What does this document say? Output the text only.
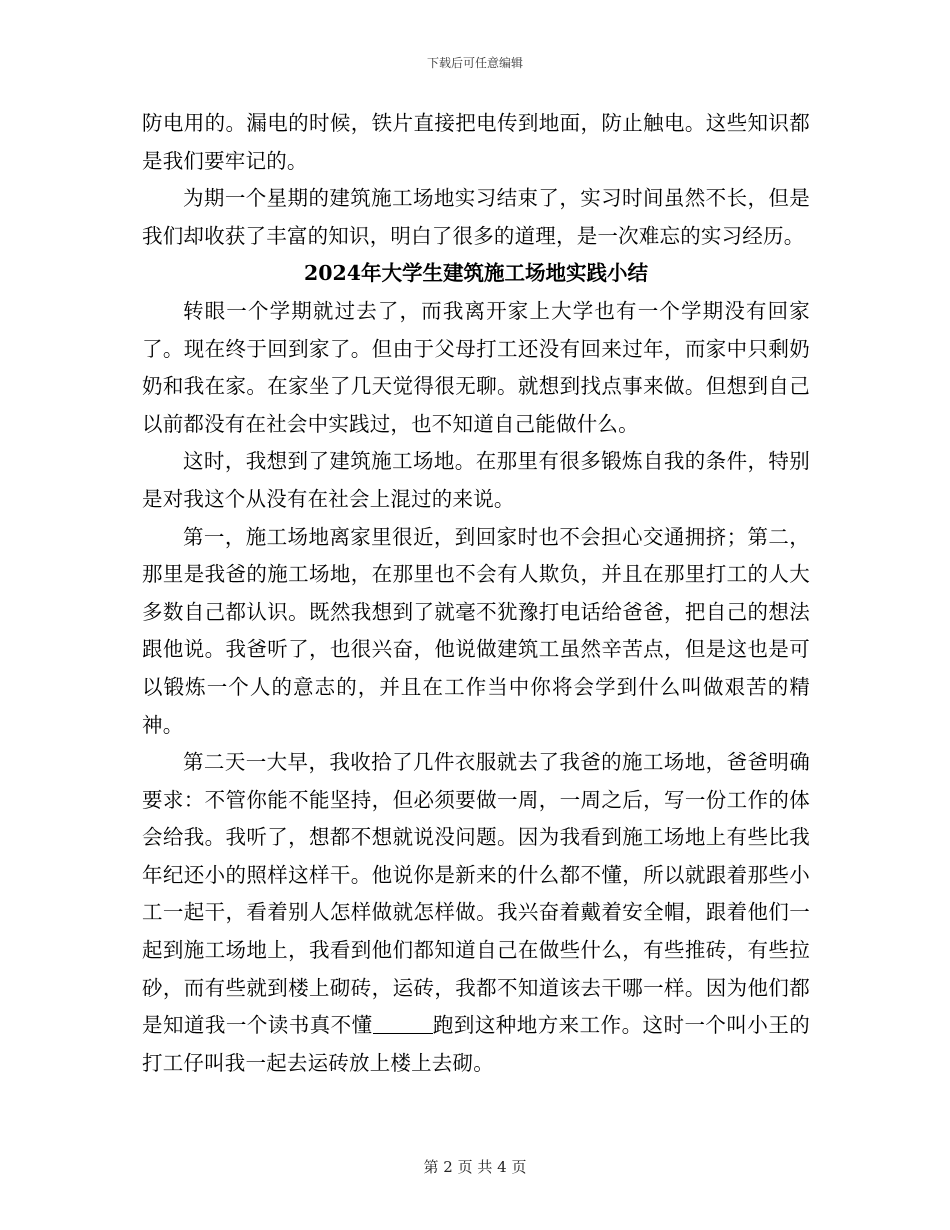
下载后可任意编辑

防电用的。漏电的时候，铁片直接把电传到地面，防止触电。这些知识都是我们要牢记的。

为期一个星期的建筑施工场地实习结束了，实习时间虽然不长，但是我们却收获了丰富的知识，明白了很多的道理，是一次难忘的实习经历。

2024年大学生建筑施工场地实践小结

转眼一个学期就过去了，而我离开家上大学也有一个学期没有回家了。现在终于回到家了。但由于父母打工还没有回来过年，而家中只剩奶奶和我在家。在家坐了几天觉得很无聊。就想到找点事来做。但想到自己以前都没有在社会中实践过，也不知道自己能做什么。

这时，我想到了建筑施工场地。在那里有很多锻炼自我的条件，特别是对我这个从没有在社会上混过的来说。

第一，施工场地离家里很近，到回家时也不会担心交通拥挤；第二，那里是我爸的施工场地，在那里也不会有人欺负，并且在那里打工的人大多数自己都认识。既然我想到了就毫不犹豫打电话给爸爸，把自己的想法跟他说。我爸听了，也很兴奋，他说做建筑工虽然辛苦点，但是这也是可以锻炼一个人的意志的，并且在工作当中你将会学到什么叫做艰苦的精神。

第二天一大早，我收拾了几件衣服就去了我爸的施工场地，爸爸明确要求：不管你能不能坚持，但必须要做一周，一周之后，写一份工作的体会给我。我听了，想都不想就说没问题。因为我看到施工场地上有些比我年纪还小的照样这样干。他说你是新来的什么都不懂，所以就跟着那些小工一起干，看着别人怎样做就怎样做。我兴奋着戴着安全帽，跟着他们一起到施工场地上，我看到他们都知道自己在做些什么，有些推砖，有些拉砂，而有些就到楼上砌砖，运砖，我都不知道该去干哪一样。因为他们都是知道我一个读书真不懂	跑到这种地方来工作。这时一个叫小王的打工仔叫我一起去运砖放上楼上去砌。

第 2 页 共 4 页
